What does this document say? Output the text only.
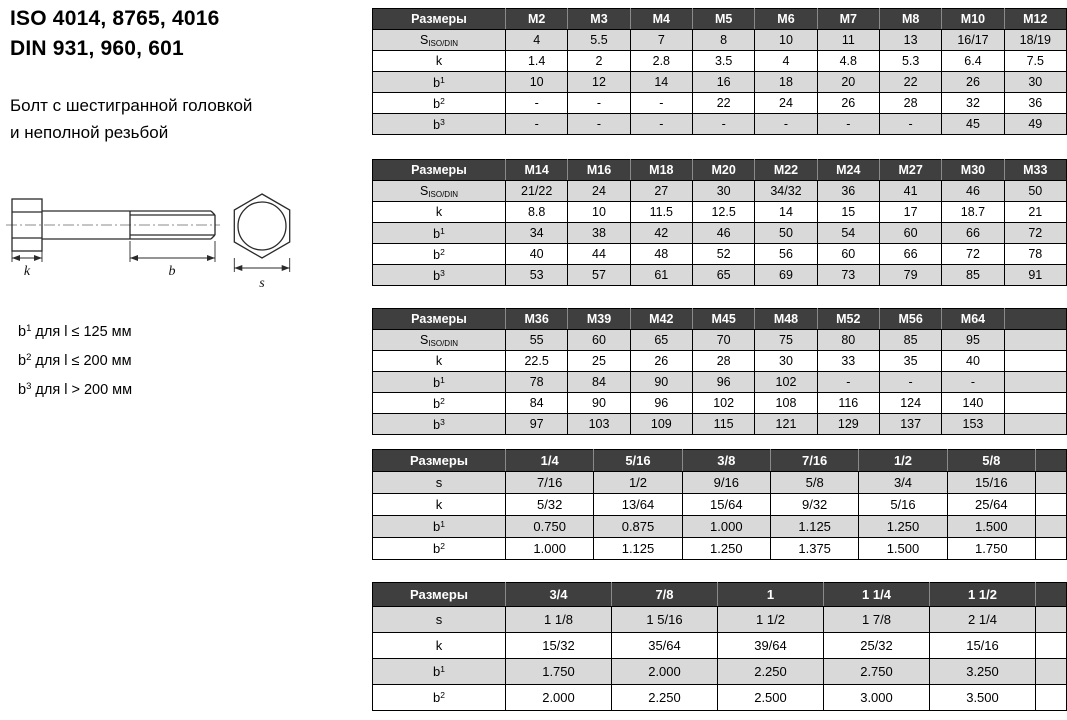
ISO 4014, 8765, 4016
DIN 931, 960, 601
Болт с шестигранной головкой
и неполной резьбой
k	b
s
$b^1$ для l ≤ 125 мм
$b^2$ для l ≤ 200 мм
$b^3$ для l > 200 мм
Размеры	M2	M3	M4	M5	M6	M7	M8	M10	M12
$S_{ISO/DIN}$	4	5.5	7	8	10	11	13	16/17	18/19
k	1.4	2	2.8	3.5	4	4.8	5.3	6.4	7.5
$b^1$	10	12	14	16	18	20	22	26	30
$b^2$	-	-	-	22	24	26	28	32	36
$b^3$	-	-	-	-	-	-	-	45	49
Размеры	M14	M16	M18	M20	M22	M24	M27	M30	M33
$S_{ISO/DIN}$	21/22	24	27	30	34/32	36	41	46	50
k	8.8	10	11.5	12.5	14	15	17	18.7	21
$b^1$	34	38	42	46	50	54	60	66	72
$b^2$	40	44	48	52	56	60	66	72	78
$b^3$	53	57	61	65	69	73	79	85	91
Размеры	M36	M39	M42	M45	M48	M52	M56	M64	
$S_{ISO/DIN}$	55	60	65	70	75	80	85	95	
k	22.5	25	26	28	30	33	35	40	
$b^1$	78	84	90	96	102	-	-	-	
$b^2$	84	90	96	102	108	116	124	140	
$b^3$	97	103	109	115	121	129	137	153	
Размеры	1/4	5/16	3/8	7/16	1/2	5/8	
s	7/16	1/2	9/16	5/8	3/4	15/16	
k	5/32	13/64	15/64	9/32	5/16	25/64	
$b^1$	0.750	0.875	1.000	1.125	1.250	1.500	
$b^2$	1.000	1.125	1.250	1.375	1.500	1.750	
Размеры	3/4	7/8	1	1 1/4	1 1/2	
s	1 1/8	1 5/16	1 1/2	1 7/8	2 1/4	
k	15/32	35/64	39/64	25/32	15/16	
$b^1$	1.750	2.000	2.250	2.750	3.250	
$b^2$	2.000	2.250	2.500	3.000	3.500	
